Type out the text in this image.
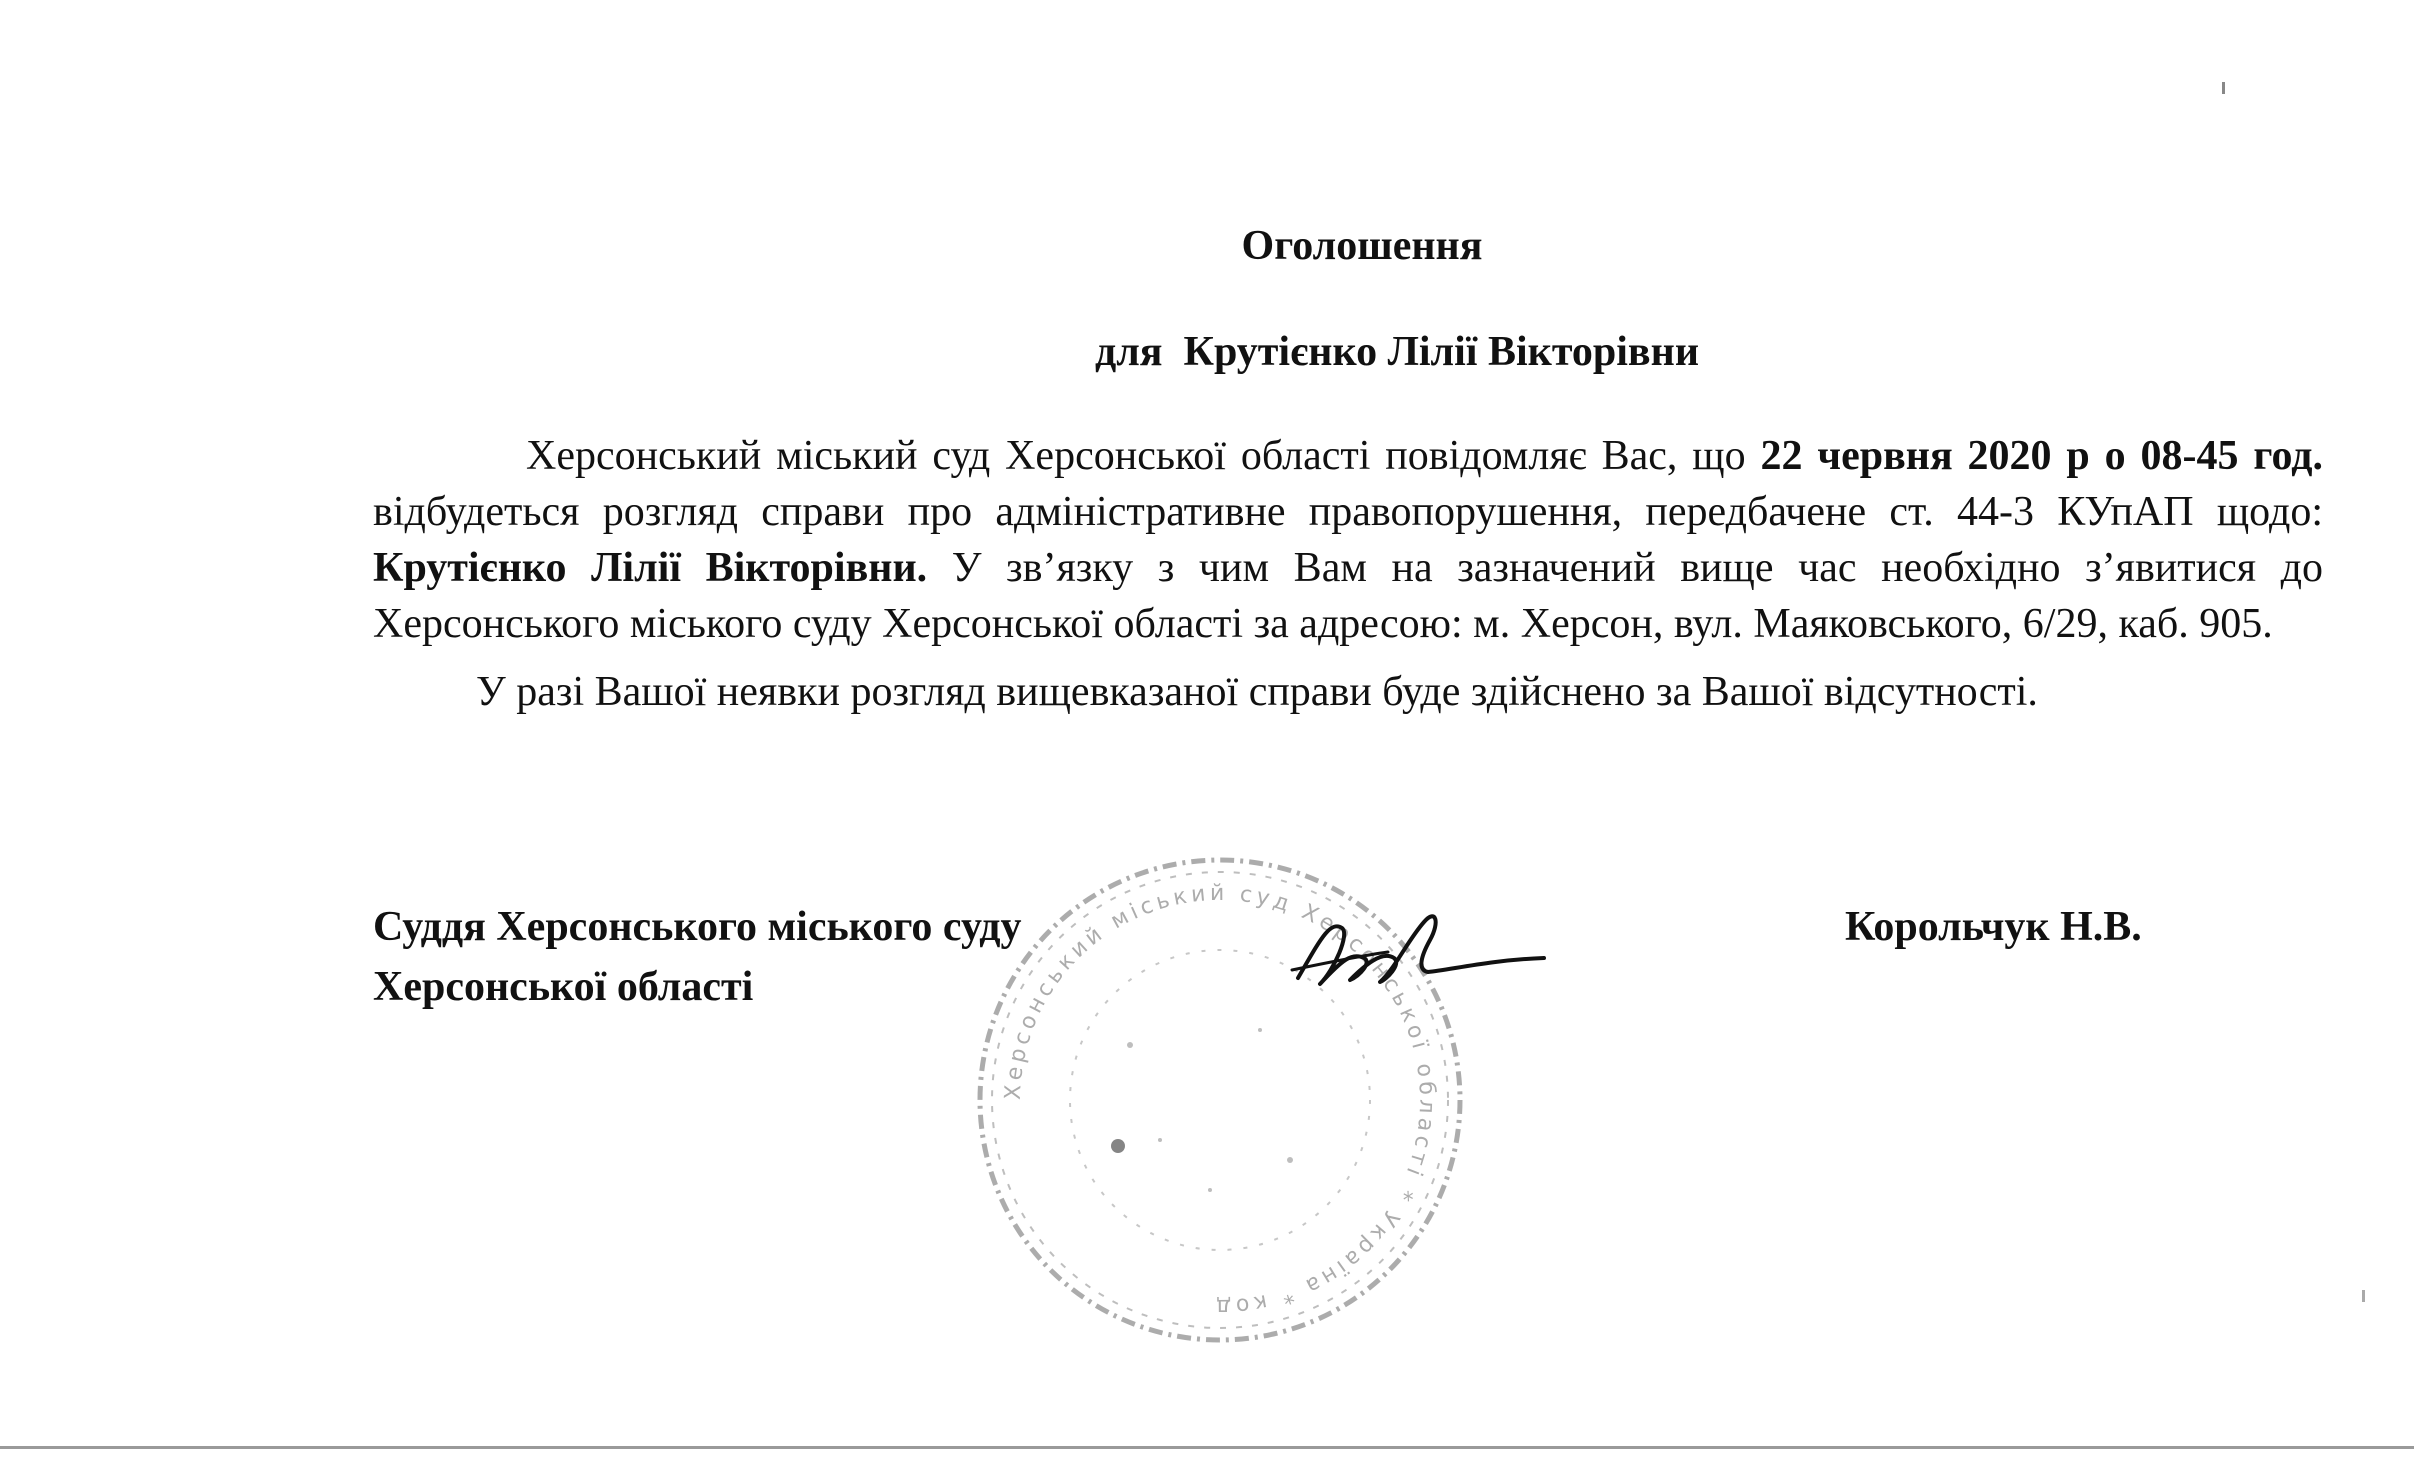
Оголошення
для Крутієнко Лілії Вікторівни

Херсонський міський суд Херсонської області повідомляє Вас, що 22 червня 2020 р о 08-45 год. відбудеться розгляд справи про адміністративне правопорушення, передбачене ст. 44-3 КУпАП щодо: Крутієнко Лілії Вікторівни. У зв’язку з чим Вам на зазначений вище час необхідно з’явитися до Херсонського міського суду Херсонської області за адресою: м. Херсон, вул. Маяковського, 6/29, каб. 905.

У разі Вашої неявки розгляд вищевказаної справи буде здійснено за Вашої відсутності.

Херсонський міський суд Херсонської області * Україна * код
Суддя Херсонського міського суду
Херсонської області
Корольчук Н.В.
